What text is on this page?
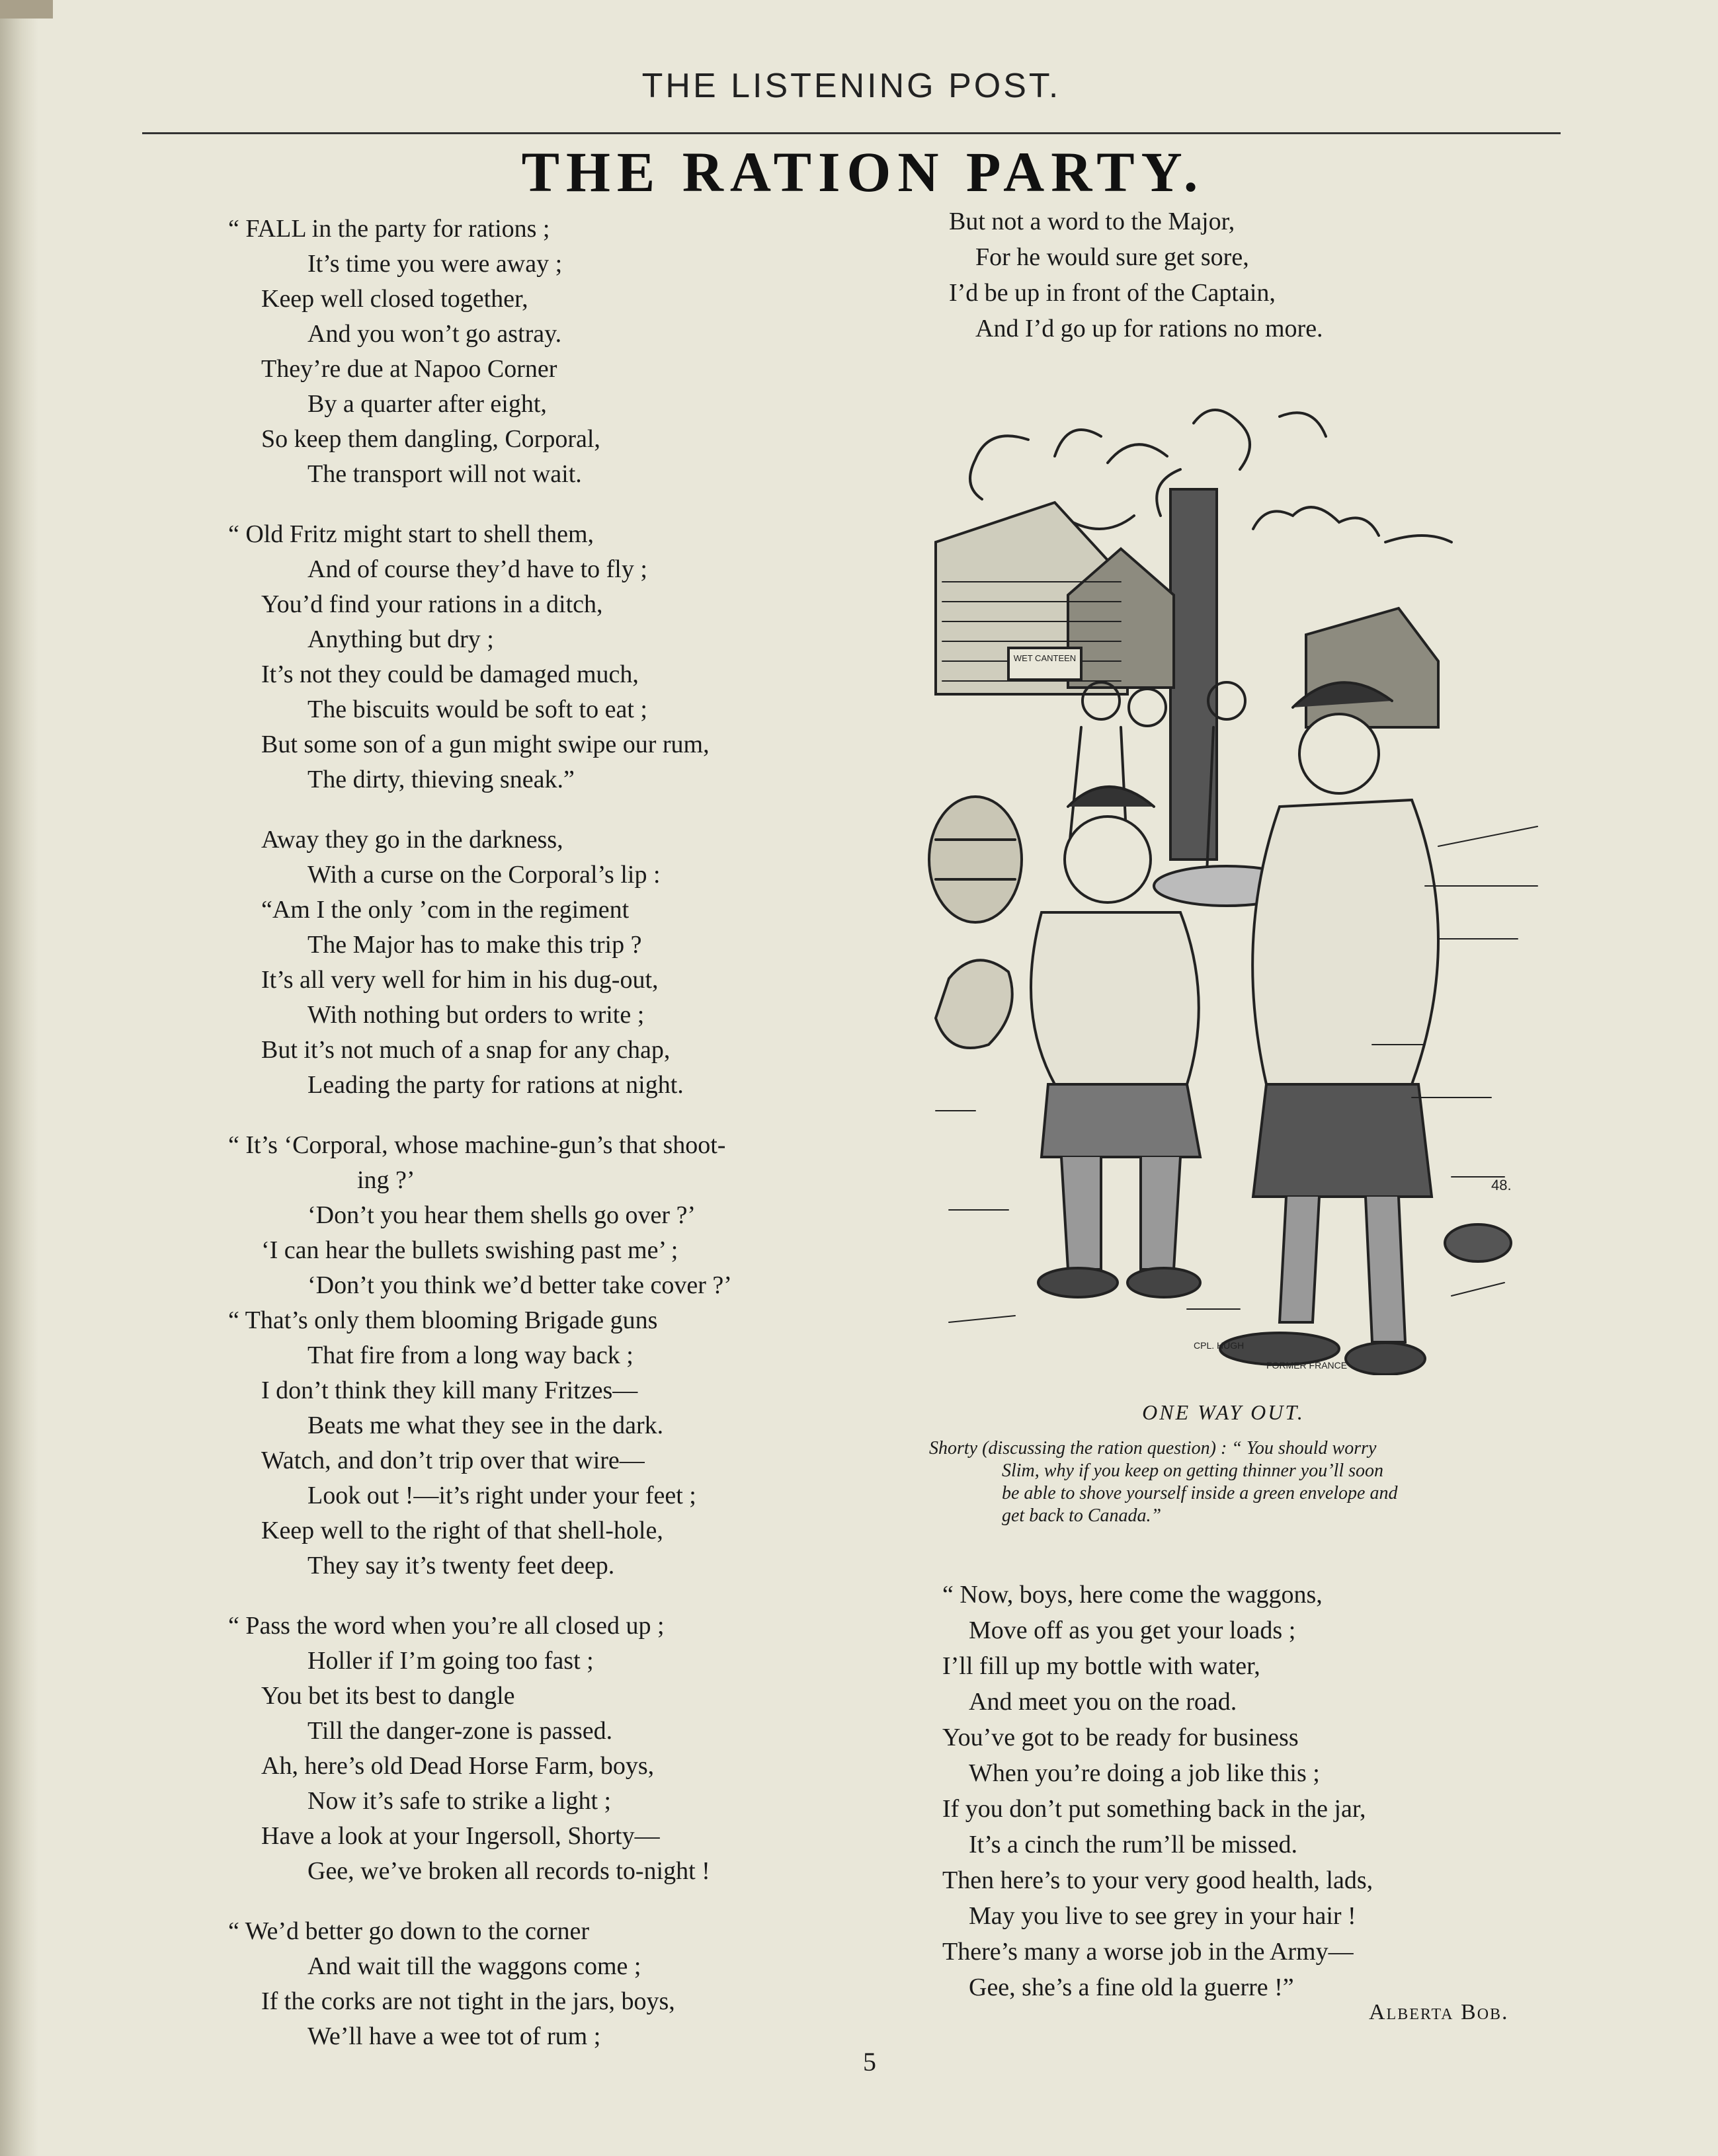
THE LISTENING POST.
THE RATION PARTY.
“ FALL in the party for rations ;
It’s time you were away ;
Keep well closed together,
And you won’t go astray.
They’re due at Napoo Corner
By a quarter after eight,
So keep them dangling, Corporal,
The transport will not wait.
“ Old Fritz might start to shell them,
And of course they’d have to fly ;
You’d find your rations in a ditch,
Anything but dry ;
It’s not they could be damaged much,
The biscuits would be soft to eat ;
But some son of a gun might swipe our rum,
The dirty, thieving sneak.”
Away they go in the darkness,
With a curse on the Corporal’s lip :
“Am I the only ’com in the regiment
The Major has to make this trip ?
It’s all very well for him in his dug-out,
With nothing but orders to write ;
But it’s not much of a snap for any chap,
Leading the party for rations at night.
“ It’s ‘Corporal, whose machine-gun’s that shoot-
ing ?’
‘Don’t you hear them shells go over ?’
‘I can hear the bullets swishing past me’ ;
‘Don’t you think we’d better take cover ?’
“ That’s only them blooming Brigade guns
That fire from a long way back ;
I don’t think they kill many Fritzes—
Beats me what they see in the dark.
Watch, and don’t trip over that wire—
Look out !—it’s right under your feet ;
Keep well to the right of that shell-hole,
They say it’s twenty feet deep.
“ Pass the word when you’re all closed up ;
Holler if I’m going too fast ;
You bet its best to dangle
Till the danger-zone is passed.
Ah, here’s old Dead Horse Farm, boys,
Now it’s safe to strike a light ;
Have a look at your Ingersoll, Shorty—
Gee, we’ve broken all records to-night !
“ We’d better go down to the corner
And wait till the waggons come ;
If the corks are not tight in the jars, boys,
We’ll have a wee tot of rum ;
But not a word to the Major,
For he would sure get sore,
I’d be up in front of the Captain,
And I’d go up for rations no more.
WET CANTEEN
CPL. HUGH
FORMER FRANCE
48.
ONE WAY OUT.
Shorty (discussing the ration question) : “ You should worry
Slim, why if you keep on getting thinner you’ll soon
be able to shove yourself inside a green envelope and
get back to Canada.”
“ Now, boys, here come the waggons,
Move off as you get your loads ;
I’ll fill up my bottle with water,
And meet you on the road.
You’ve got to be ready for business
When you’re doing a job like this ;
If you don’t put something back in the jar,
It’s a cinch the rum’ll be missed.
Then here’s to your very good health, lads,
May you live to see grey in your hair !
There’s many a worse job in the Army—
Gee, she’s a fine old la guerre !”
Alberta Bob.
5
